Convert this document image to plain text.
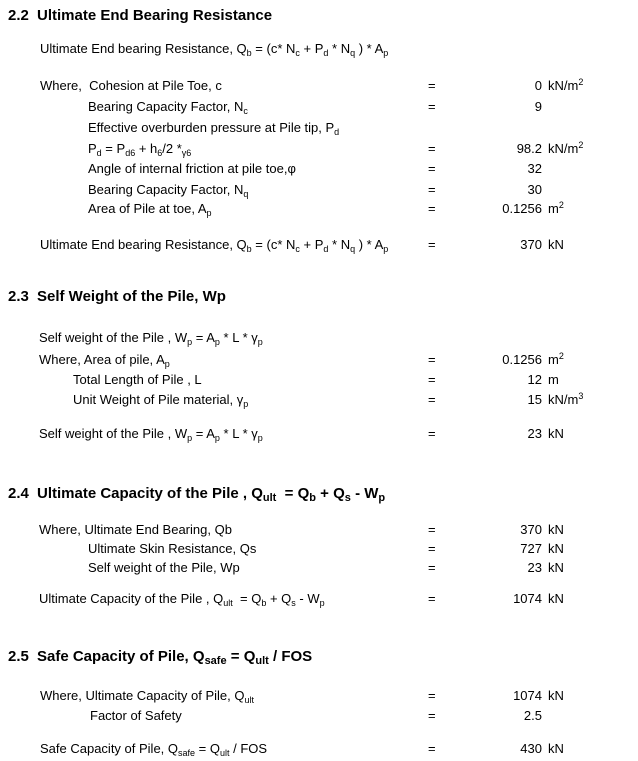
2.2 Ultimate End Bearing Resistance
Ultimate End bearing Resistance, $Q_b = (c*$ $N_c + P_d * N_q$ ) * $A_p$
Where,  Cohesion at Pile Toe, c	=	0 $kN/m^2$
Bearing Capacity Factor, $N_c$	=	9
Effective overburden pressure at Pile tip, $P_d$
$P_d = P_{d6} + h_6/2$ $*_{\gamma 6}$	=	98.2 $kN/m^2$
Angle of internal friction at pile toe,φ	=	32
Bearing Capacity Factor, $N_q$	=	30
Area of Pile at toe, $A_p$	=	0.1256 $m^2$
Ultimate End bearing Resistance, $Q_b = (c*$ $N_c + P_d * N_q$ ) * $A_p$	=	370 kN
2.3 Self Weight of the Pile, Wp
Self weight of the Pile , $W_p = A_p * L * \gamma_p$
Where, Area of pile, $A_p$	=	0.1256 $m^2$
Total Length of Pile , L	=	12 m
Unit Weight of Pile material, $\gamma_p$	=	15 $kN/m^3$
Self weight of the Pile , $W_p = A_p * L * \gamma_p$	=	23 kN
2.4 Ultimate Capacity of the Pile , $Q_{ult} = Q_b + Q_s - W_p$
Where, Ultimate End Bearing, Qb	=	370 kN
Ultimate Skin Resistance, Qs	=	727 kN
Self weight of the Pile, Wp	=	23 kN
Ultimate Capacity of the Pile , $Q_{ult} = Q_b + Q_s - W_p$	=	1074 kN
2.5 Safe Capacity of Pile, $Q_{safe} = Q_{ult}$ / FOS
Where, Ultimate Capacity of Pile, $Q_{ult}$	=	1074 kN
Factor of Safety	=	2.5
Safe Capacity of Pile, $Q_{safe} = Q_{ult}$ / FOS	=	430 kN
